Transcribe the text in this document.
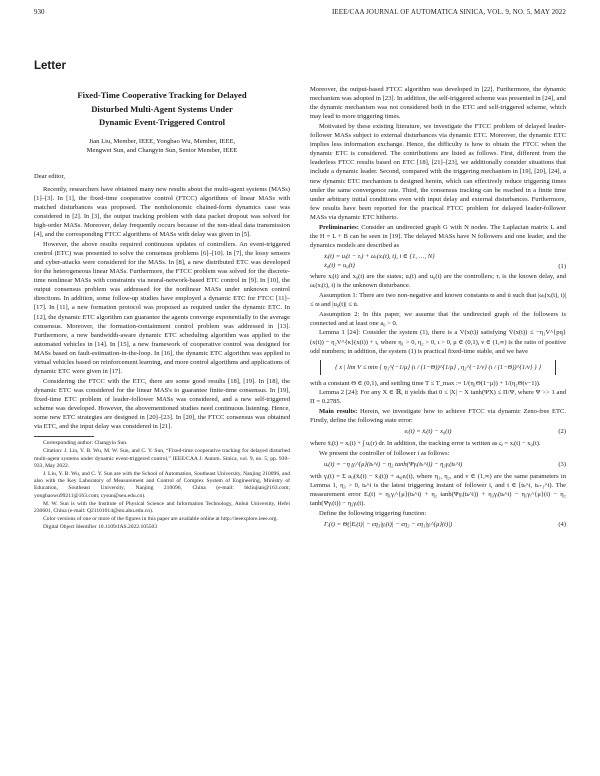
930	IEEE/CAA JOURNAL OF AUTOMATICA SINICA, VOL. 9, NO. 5, MAY 2022
Letter
Fixed-Time Cooperative Tracking for Delayed
Disturbed Multi-Agent Systems Under
Dynamic Event-Triggered Control
Jian Liu, Member, IEEE, Yongbao Wu, Member, IEEE,
Mengwei Sun, and Changyin Sun, Senior Member, IEEE

Dear editor,

Recently, researchers have obtained many new results about the multi-agent systems (MASs) [1]–[3]. In [1], the fixed-time cooperative control (FTCC) algorithms of linear MASs with matched disturbances was proposed. The nonholonomic chained-form dynamics case was considered in [2]. In [3], the output tracking problem with data packet dropout was solved for high-order MASs. Moreover, delay frequently occurs because of the non-ideal data transmission [4], and the corresponding FTCC algorithms of MASs with delay was given in [5].

However, the above results required continuous updates of controllers. An event-triggered control (ETC) was presented to solve the consensus problems [6]–[10]. In [7], the lossy sensors and cyber-attacks were considered for the MASs. In [8], a new distributed ETC was developed for the heterogeneous linear MASs. Furthermore, the FTCC problem was solved for the discrete-time nonlinear MASs with constraints via neural-network-based ETC control in [9]. In [10], the output consensus problem was addressed for the nonlinear MASs under unknown control directions. In addition, some follow-up studies have employed a dynamic ETC for FTCC [11]–[17]. In [11], a new formation protocol was proposed as required under the dynamic ETC. In [12], the dynamic ETC algorithm can guarantee the agents converge exponentially to the average consensus. Moreover, the formation-containment control problem was addressed in [13]. Furthermore, a new bandwidth-aware dynamic ETC scheduling algorithm was applied to the automated vehicles in [14]. In [15], a new framework of cooperative control was designed for MASs based on fault-estimation-in-the-loop. In [16], the dynamic ETC algorithm was applied to virtual vehicles based on reinforcement learning, and more control algorithms and applications of dynamic ETC were given in [17].

Considering the FTCC with the ETC, there are some good results [18], [19]. In [18], the dynamic ETC was considered for the linear MAS's to guarantee finite-time consensus. In [19], fixed-time ETC problem of leader-follower MASs was considered, and a new self-triggered scheme was developed. However, the abovementioned studies need continuous listening. Hence, some new ETC strategies are designed in [20]–[23]. In [20], the FTCC consensus was obtained via ETC, and the input delay was considered in [21].

Corresponding author: Changyin Sun.

Citation: J. Liu, Y. B. Wu, M. W. Sun, and C. Y. Sun, “Fixed-time cooperative tracking for delayed disturbed multi-agent systems under dynamic event-triggered control,” IEEE/CAA J. Autom. Sinica, vol. 9, no. 5, pp. 930–933, May 2022.

J. Liu, Y. B. Wu, and C. Y. Sun are with the School of Automation, Southeast University, Nanjing 210096, and also with the Key Laboratory of Measurement and Control of Complex System of Engineering, Ministry of Education, Southeast University, Nanjing 210096, China (e-mail: bkliujian@163.com; yongbaowu99211@163.com; cysun@seu.edu.cn).

M. W. Sun is with the Institute of Physical Science and Information Technology, Anhui University, Hefei 230601, China (e-mail: Q21101014@stu.ahu.edu.cn).

Color versions of one or more of the figures in this paper are available online at http://ieeexplore.ieee.org.

Digital Object Identifier 10.1109/JAS.2022.105503

Moreover, the output-based FTCC algorithm was developed in [22]. Furthermore, the dynamic mechanism was adopted in [23]. In addition, the self-triggered scheme was presented in [24], and the dynamic mechanism was not considered both in the ETC and self-triggered scheme, which may lead to more triggering times.

Motivated by these existing literature, we investigate the FTCC problem of delayed leader-follower MASs subject to external disturbances via dynamic ETC. Moreover, the dynamic ETC implies less information exchange. Hence, the difficulty is how to obtain the FTCC when the dynamic ETC is considered. The contributions are listed as follows. First, different from the leaderless FTCC results based on ETC [18], [21]–[23], we additionally consider situations that include a dynamic leader. Second, compared with the triggering mechanism in [19], [20], [24], a new dynamic ETC mechanism is designed herein, which can effectively reduce triggering times under the same convergence rate. Third, the consensus tracking can be reached in a finite time under arbitrary initial conditions even with input delay and external disturbances. Furthermore, few results have been reported for the practical FTCC problem for delayed leader-follower MASs via dynamic ETC hitherto.

Preliminaries: Consider an undirected graph G with N nodes. The Laplacian matrix L and the H = L + B can be seen in [19]. The delayed MASs have N followers and one leader, and the dynamics models are described as

ẋᵢ(t) = uᵢ(t − τᵢ) + ωᵢ(xᵢ(t), t), i ∈ {1, …, N}
ẋ₀(t) = u₀(t)	(1)

where xᵢ(t) and x₀(t) are the states; uᵢ(t) and u₀(t) are the controllers; τᵢ is the known delay, and ωᵢ(xᵢ(t), t) is the unknown disturbance.

Assumption 1: There are two non-negative and known constants ϖ and ū such that |ωᵢ(xᵢ(t), t)| ≤ ϖ and |u₀(t)| ≤ ū.

Assumption 2: In this paper, we assume that the undirected graph of the followers is connected and at least one a₀ > 0.

Lemma 1 [24]: Consider the system (1), there is a V(x(t)) satisfying V̇(x(t)) ≤ −η₁V^{pq}(x(t)) − η₂V^{κ}(x(t)) + ι, where η₁ > 0, η₂ > 0, ι > 0, μ ∈ (0,1), ν ∈ (1,∞) is the ratio of positive odd numbers; in addition, the system (1) is practical fixed-time stable, and we have

{ x | lim V ≤ min { η₁^{−1/μ} (ι / (1−Θ))^{1/μ} , η₂^{−1/ν} (ι / (1−Θ))^{1/ν} } }

with a constant Θ ∈ (0,1), and settling time T ≤ T_max := 1/(η₁Θ(1−μ)) + 1/(η₂Θ(ν−1)).

Lemma 2 [24]: For any X ∈ ℝ, it yields that 0 ≤ |X| − X tanh(ΨX) ≤ Π/Ψ, where Ψ >> 1 and Π = 0.2785.

Main results: Herein, we investigate how to achieve FTCC via dynamic Zeno-free ETC. Firstly, define the following state error:

eᵢ(t) = x̄ᵢ(t) − x₀(t)	(2)

where x̄ᵢ(t) = xᵢ(t) + ∫ uᵢ(r) dr. In addition, the tracking error is written as ςᵢ = xᵢ(t) − x₀(t).

We present the controller of follower i as follows:

uᵢ(t) = −η₁γᵢ^{μ}(tₖ^i) − η₂ tanh(Ψγᵢ(tₖ^i)) − η₃γᵢ(tₖ^i)	(3)

with γᵢ(t) = Σ aᵢⱼ(x̄ᵢ(t) − x̄ⱼ(t)) + aᵢ₀eᵢ(t), where η₁, η₂, and ν ∈ (1,∞) are the same parameters in Lemma 1, η₃ > 0, tₖ^i is the latest triggering instant of follower i, and t ∈ [tₖ^i, tₖ₊₁^i). The measurement error Eᵢ(t) = η₁γᵢ^{μ}(tₖ^i) + η₂ tanh(Ψγᵢ(tₖ^i)) + η₃γᵢ(tₖ^i) − η₁γᵢ^{μ}(t) − η₂ tanh(Ψγᵢ(t)) − η₃γᵢ(t).

Define the following triggering function:

Γᵢ(t) = Θ(|Eᵢ(t)| − ϵη₃|γᵢ(t)| − ϵη₂ − ϵη₁|γᵢ^{μ}(t)|)	(4)
